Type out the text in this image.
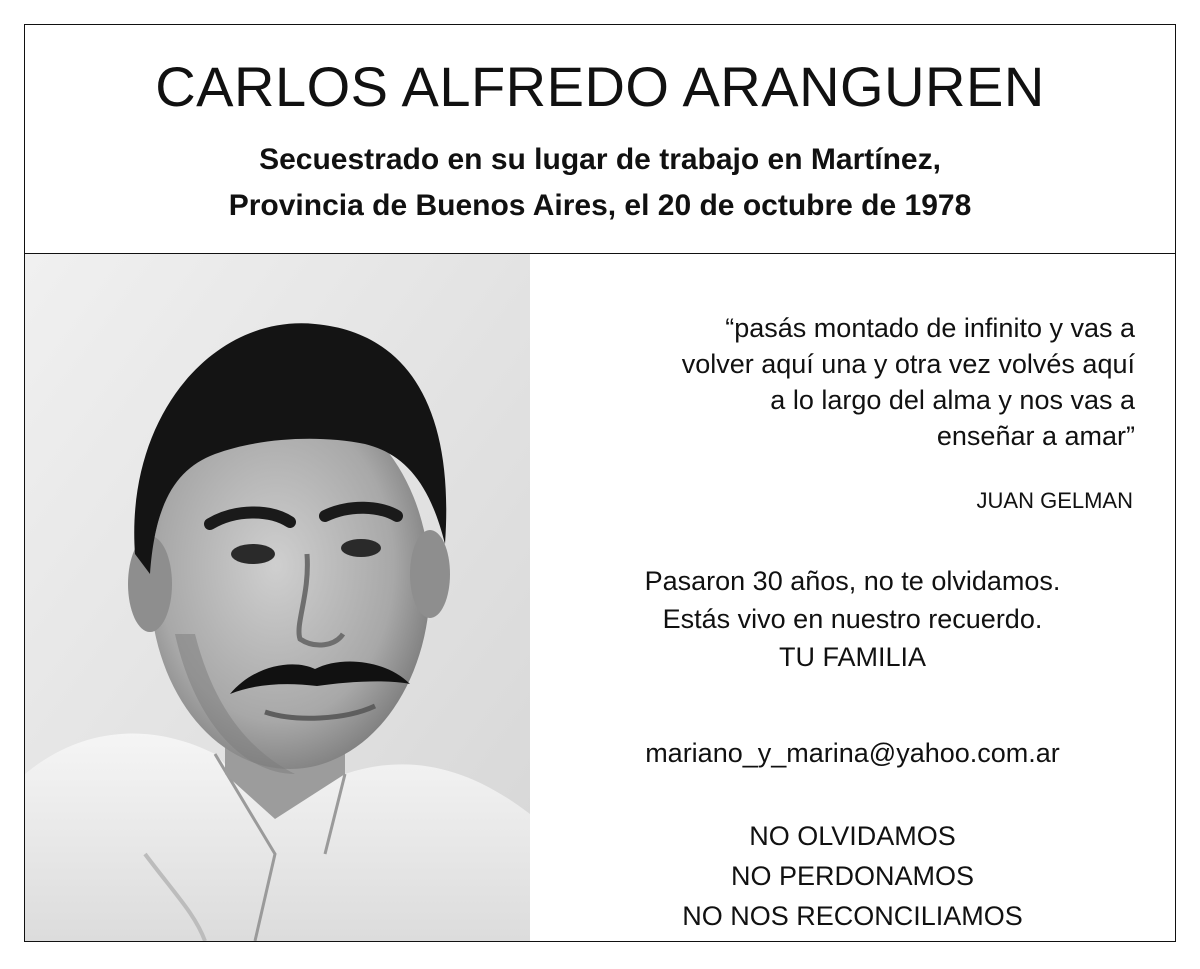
CARLOS ALFREDO ARANGUREN
Secuestrado en su lugar de trabajo en Martínez,
Provincia de Buenos Aires, el 20 de octubre de 1978
“pasás montado de infinito y vas a
volver aquí una y otra vez volvés aquí
a lo largo del alma y nos vas a
enseñar a amar”
JUAN GELMAN
Pasaron 30 años, no te olvidamos.
Estás vivo en nuestro recuerdo.
TU FAMILIA
mariano_y_marina@yahoo.com.ar
NO OLVIDAMOS
NO PERDONAMOS
NO NOS RECONCILIAMOS
